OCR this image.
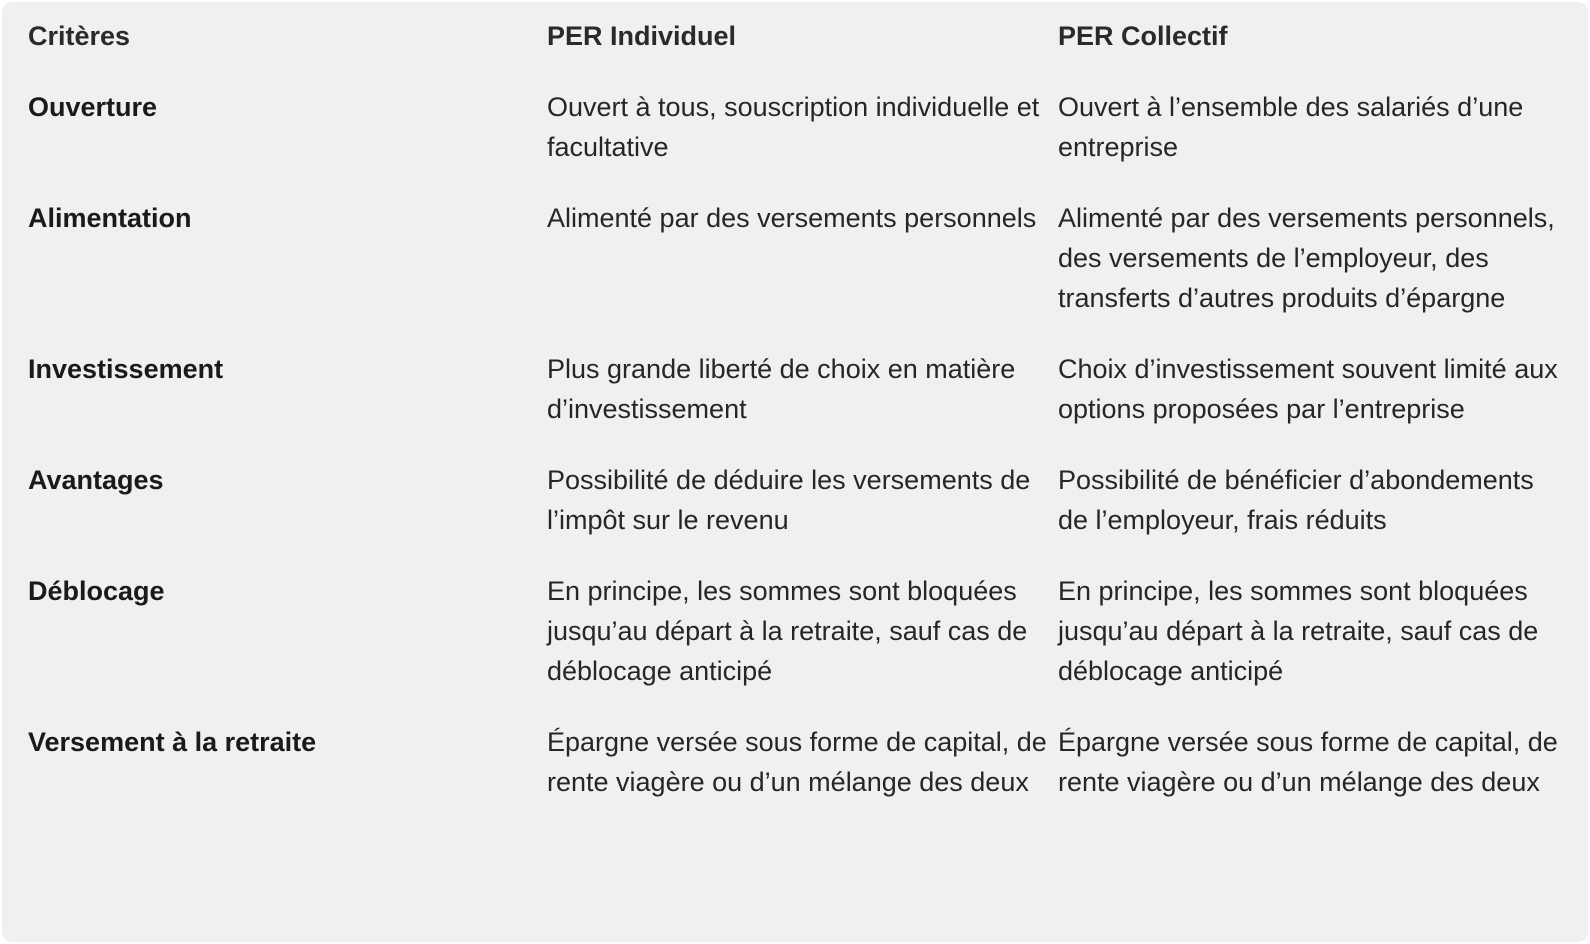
Critères	PER Individuel	PER Collectif
Ouverture	Ouvert à tous, souscription individuelle et facultative	Ouvert à l’ensemble des salariés d’une entreprise
Alimentation	Alimenté par des versements personnels	Alimenté par des versements personnels, des versements de l’employeur, des transferts d’autres produits d’épargne
Investissement	Plus grande liberté de choix en matière d’investissement	Choix d’investissement souvent limité aux options proposées par l’entreprise
Avantages	Possibilité de déduire les versements de l’impôt sur le revenu	Possibilité de bénéficier d’abondements de l’employeur, frais réduits
Déblocage	En principe, les sommes sont bloquées jusqu’au départ à la retraite, sauf cas de déblocage anticipé	En principe, les sommes sont bloquées jusqu’au départ à la retraite, sauf cas de déblocage anticipé
Versement à la retraite	Épargne versée sous forme de capital, de rente viagère ou d’un mélange des deux	Épargne versée sous forme de capital, de rente viagère ou d’un mélange des deux
